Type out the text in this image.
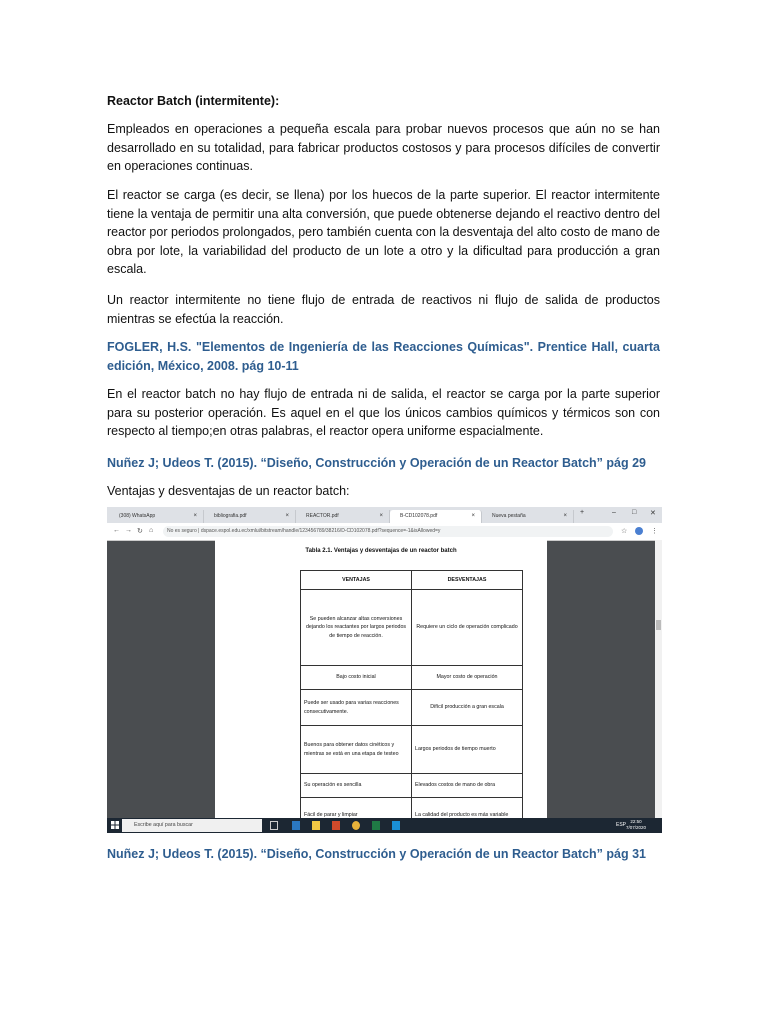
Reactor Batch (intermitente):

Empleados en operaciones a pequeña escala para probar nuevos procesos que aún no se han desarrollado en su totalidad, para fabricar productos costosos y para procesos difíciles de convertir en operaciones continuas.

El reactor se carga (es decir, se llena) por los huecos de la parte superior. El reactor intermitente tiene la ventaja de permitir una alta conversión, que puede obtenerse dejando el reactivo dentro del reactor por periodos prolongados, pero también cuenta con la desventaja del alto costo de mano de obra por lote, la variabilidad del producto de un lote a otro y la dificultad para producción a gran escala.

Un reactor intermitente no tiene flujo de entrada de reactivos ni flujo de salida de productos mientras se efectúa la reacción.

FOGLER, H.S. "Elementos de Ingeniería de las Reacciones Químicas". Prentice Hall, cuarta edición, México, 2008. pág 10-11

En el reactor batch no hay flujo de entrada ni de salida, el reactor se carga por la parte superior para su posterior operación. Es aquel en el que los únicos cambios químicos y térmicos son con respecto al tiempo;en otras palabras, el reactor opera uniforme espacialmente.

Nuñez J; Udeos T. (2015). “Diseño, Construcción y Operación de un Reactor Batch” pág 29

Ventajas y desventajas de un reactor batch:

Nuñez J; Udeos T. (2015). “Diseño, Construcción y Operación de un Reactor Batch” pág 31

(308) WhatsApp	×	bibliografia.pdf	×	REACTOR.pdf	×	B-CD102078.pdf	×	Nueva pestaña	× +	– □ ✕
← → ↻ ⌂	No es seguro | dspace.espol.edu.ec/xmlui/bitstream/handle/123456789/38216/D-CD102078.pdf?sequence=-1&isAllowed=y	☆	⋮
Tabla 2.1. Ventajas y desventajas de un reactor batch
VENTAJAS	DESVENTAJAS
Se pueden alcanzar altas conversiones dejando los reactantes por largos periodos de tiempo de reacción.	Requiere un ciclo de operación complicado
Bajo costo inicial	Mayor costo de operación
Puede ser usado para varias reacciones consecutivamente.	Difícil producción a gran escala
Buenos para obtener datos cinéticos y mientras se está en una etapa de testeo	Largos periodos de tiempo muerto
Su operación es sencilla	Elevados costos de mano de obra
Fácil de parar y limpiar	La calidad del producto es más variable
Escribe aquí para buscar	ESP
22:50
7/07/2020
